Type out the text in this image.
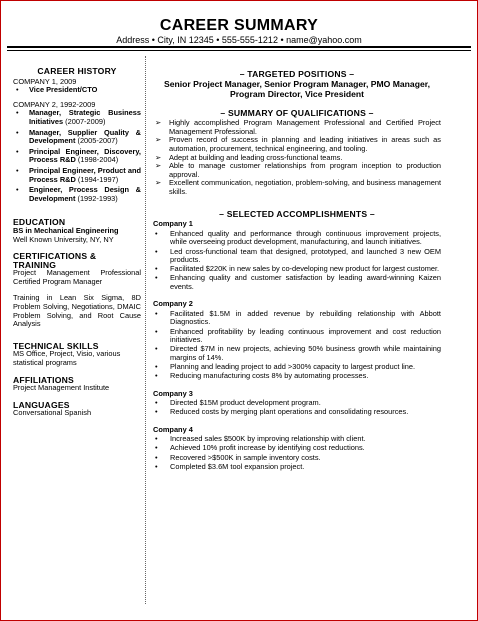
CAREER SUMMARY
Address • City, IN 12345 • 555-555-1212 • name@yahoo.com
CAREER HISTORY
COMPANY 1, 2009
• Vice President/CTO
COMPANY 2, 1992-2009
• Manager, Strategic Business Initiatives (2007-2009)
• Manager, Supplier Quality & Development (2005-2007)
• Principal Engineer, Discovery, Process R&D (1998-2004)
• Principal Engineer, Product and Process R&D (1994-1997)
• Engineer, Process Design & Development (1992-1993)
EDUCATION
BS in Mechanical Engineering
Well Known University, NY, NY
CERTIFICATIONS & TRAINING
Project Management Professional Certified Program Manager
Training in Lean Six Sigma, 8D Problem Solving, Negotiations, DMAIC Problem Solving, and Root Cause Analysis
TECHNICAL SKILLS
MS Office, Project, Visio, various statistical programs
AFFILIATIONS
Project Management Institute
LANGUAGES
Conversational Spanish
– TARGETED POSITIONS –
Senior Project Manager, Senior Program Manager, PMO Manager,
Program Director, Vice President
– SUMMARY OF QUALIFICATIONS –
➢ Highly accomplished Program Management Professional and Certified Project Management Professional.
➢ Proven record of success in planning and leading initiatives in areas such as automation, procurement, technical engineering, and tooling.
➢ Adept at building and leading cross-functional teams.
➢ Able to manage customer relationships from program inception to production approval.
➢ Excellent communication, negotiation, problem-solving, and business management skills.
– SELECTED ACCOMPLISHMENTS –
Company 1
• Enhanced quality and performance through continuous improvement projects, while overseeing product development, manufacturing, and launch initiatives.
• Led cross-functional team that designed, prototyped, and launched 3 new OEM products.
• Facilitated $220K in new sales by co-developing new product for largest customer.
• Enhancing quality and customer satisfaction by leading award-winning Kaizen events.
Company 2
• Facilitated $1.5M in added revenue by rebuilding relationship with Abbott Diagnostics.
• Enhanced profitability by leading continuous improvement and cost reduction initiatives.
• Directed $7M in new projects, achieving 50% business growth while maintaining margins of 14%.
• Planning and leading project to add >300% capacity to largest product line.
• Reducing manufacturing costs 8% by automating processes.
Company 3
• Directed $15M product development program.
• Reduced costs by merging plant operations and consolidating resources.
Company 4
• Increased sales $500K by improving relationship with client.
• Achieved 10% profit increase by identifying cost reductions.
• Recovered >$500K in sample inventory costs.
• Completed $3.6M tool expansion project.
